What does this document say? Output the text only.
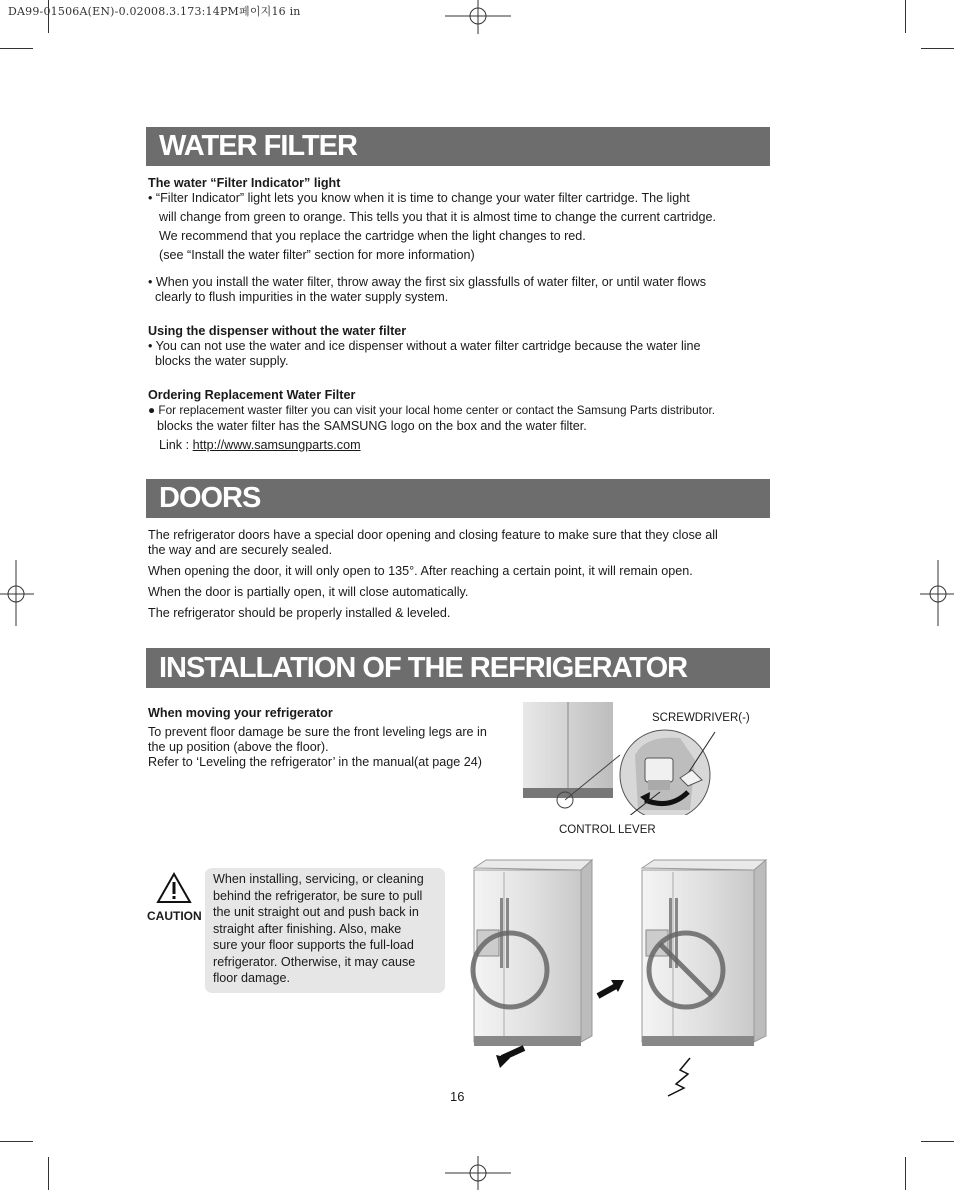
DA99-01506A(EN)-0.02008.3.173:14PM페이지16 in
WATER FILTER
The water “Filter Indicator” light
• “Filter Indicator” light lets you know when it is time to change your water filter cartridge. The light
will change from green to orange. This tells you that it is almost time to change the current cartridge.
We recommend that you replace the cartridge when the light changes to red.
(see “Install the water filter” section for more information)
• When you install the water filter, throw away the first six glassfulls of water filter, or until water flows
clearly to flush impurities in the water supply system.
Using the dispenser without the water filter
• You can not use the water and ice dispenser without a water filter cartridge because the water line
blocks the water supply.
Ordering Replacement Water Filter
● For replacement waster filter you can visit your local home center or contact the Samsung Parts distributor.
blocks the water filter has the SAMSUNG logo on the box and the water filter.
Link : http://www.samsungparts.com
DOORS
The refrigerator doors have a special door opening and closing feature to make sure that they close all
the way and are securely sealed.
When opening the door, it will only open to 135°. After reaching a certain point, it will remain open.
When the door is partially open, it will close automatically.
The refrigerator should be properly installed & leveled.
INSTALLATION OF THE REFRIGERATOR
When moving your refrigerator
To prevent floor damage be sure the front leveling legs are in
the up position (above the floor).
Refer to ‘Leveling the refrigerator’ in the manual(at page 24)
SCREWDRIVER(-)
CONTROL LEVER
CAUTION
When installing, servicing, or cleaning
behind the refrigerator, be sure to pull
the unit straight out and push back in
straight after finishing. Also, make
sure your floor supports the full-load
refrigerator. Otherwise, it may cause
floor damage.
16
